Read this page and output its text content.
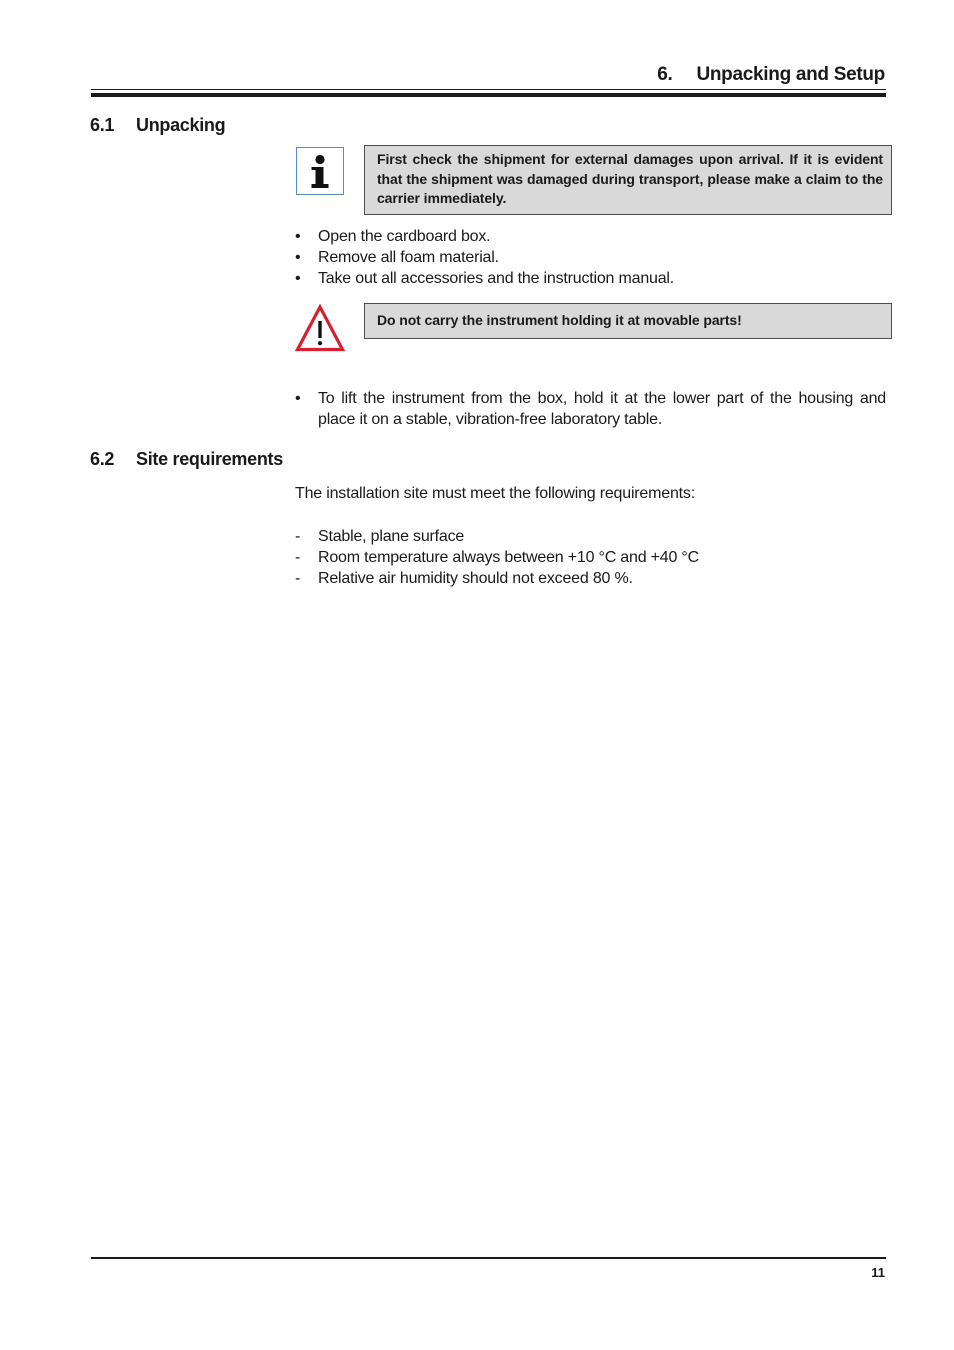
6. Unpacking and Setup
6.1 Unpacking
First check the shipment for external damages upon arrival. If it is evident that the shipment was damaged during transport, please make a claim to the carrier immediately.
• Open the cardboard box.
• Remove all foam material.
• Take out all accessories and the instruction manual.
Do not carry the instrument holding it at movable parts!
• To lift the instrument from the box, hold it at the lower part of the housing and place it on a stable, vibration-free laboratory table.
6.2 Site requirements
The installation site must meet the following requirements:
- Stable, plane surface
- Room temperature always between +10 °C and +40 °C
- Relative air humidity should not exceed 80 %.
11
